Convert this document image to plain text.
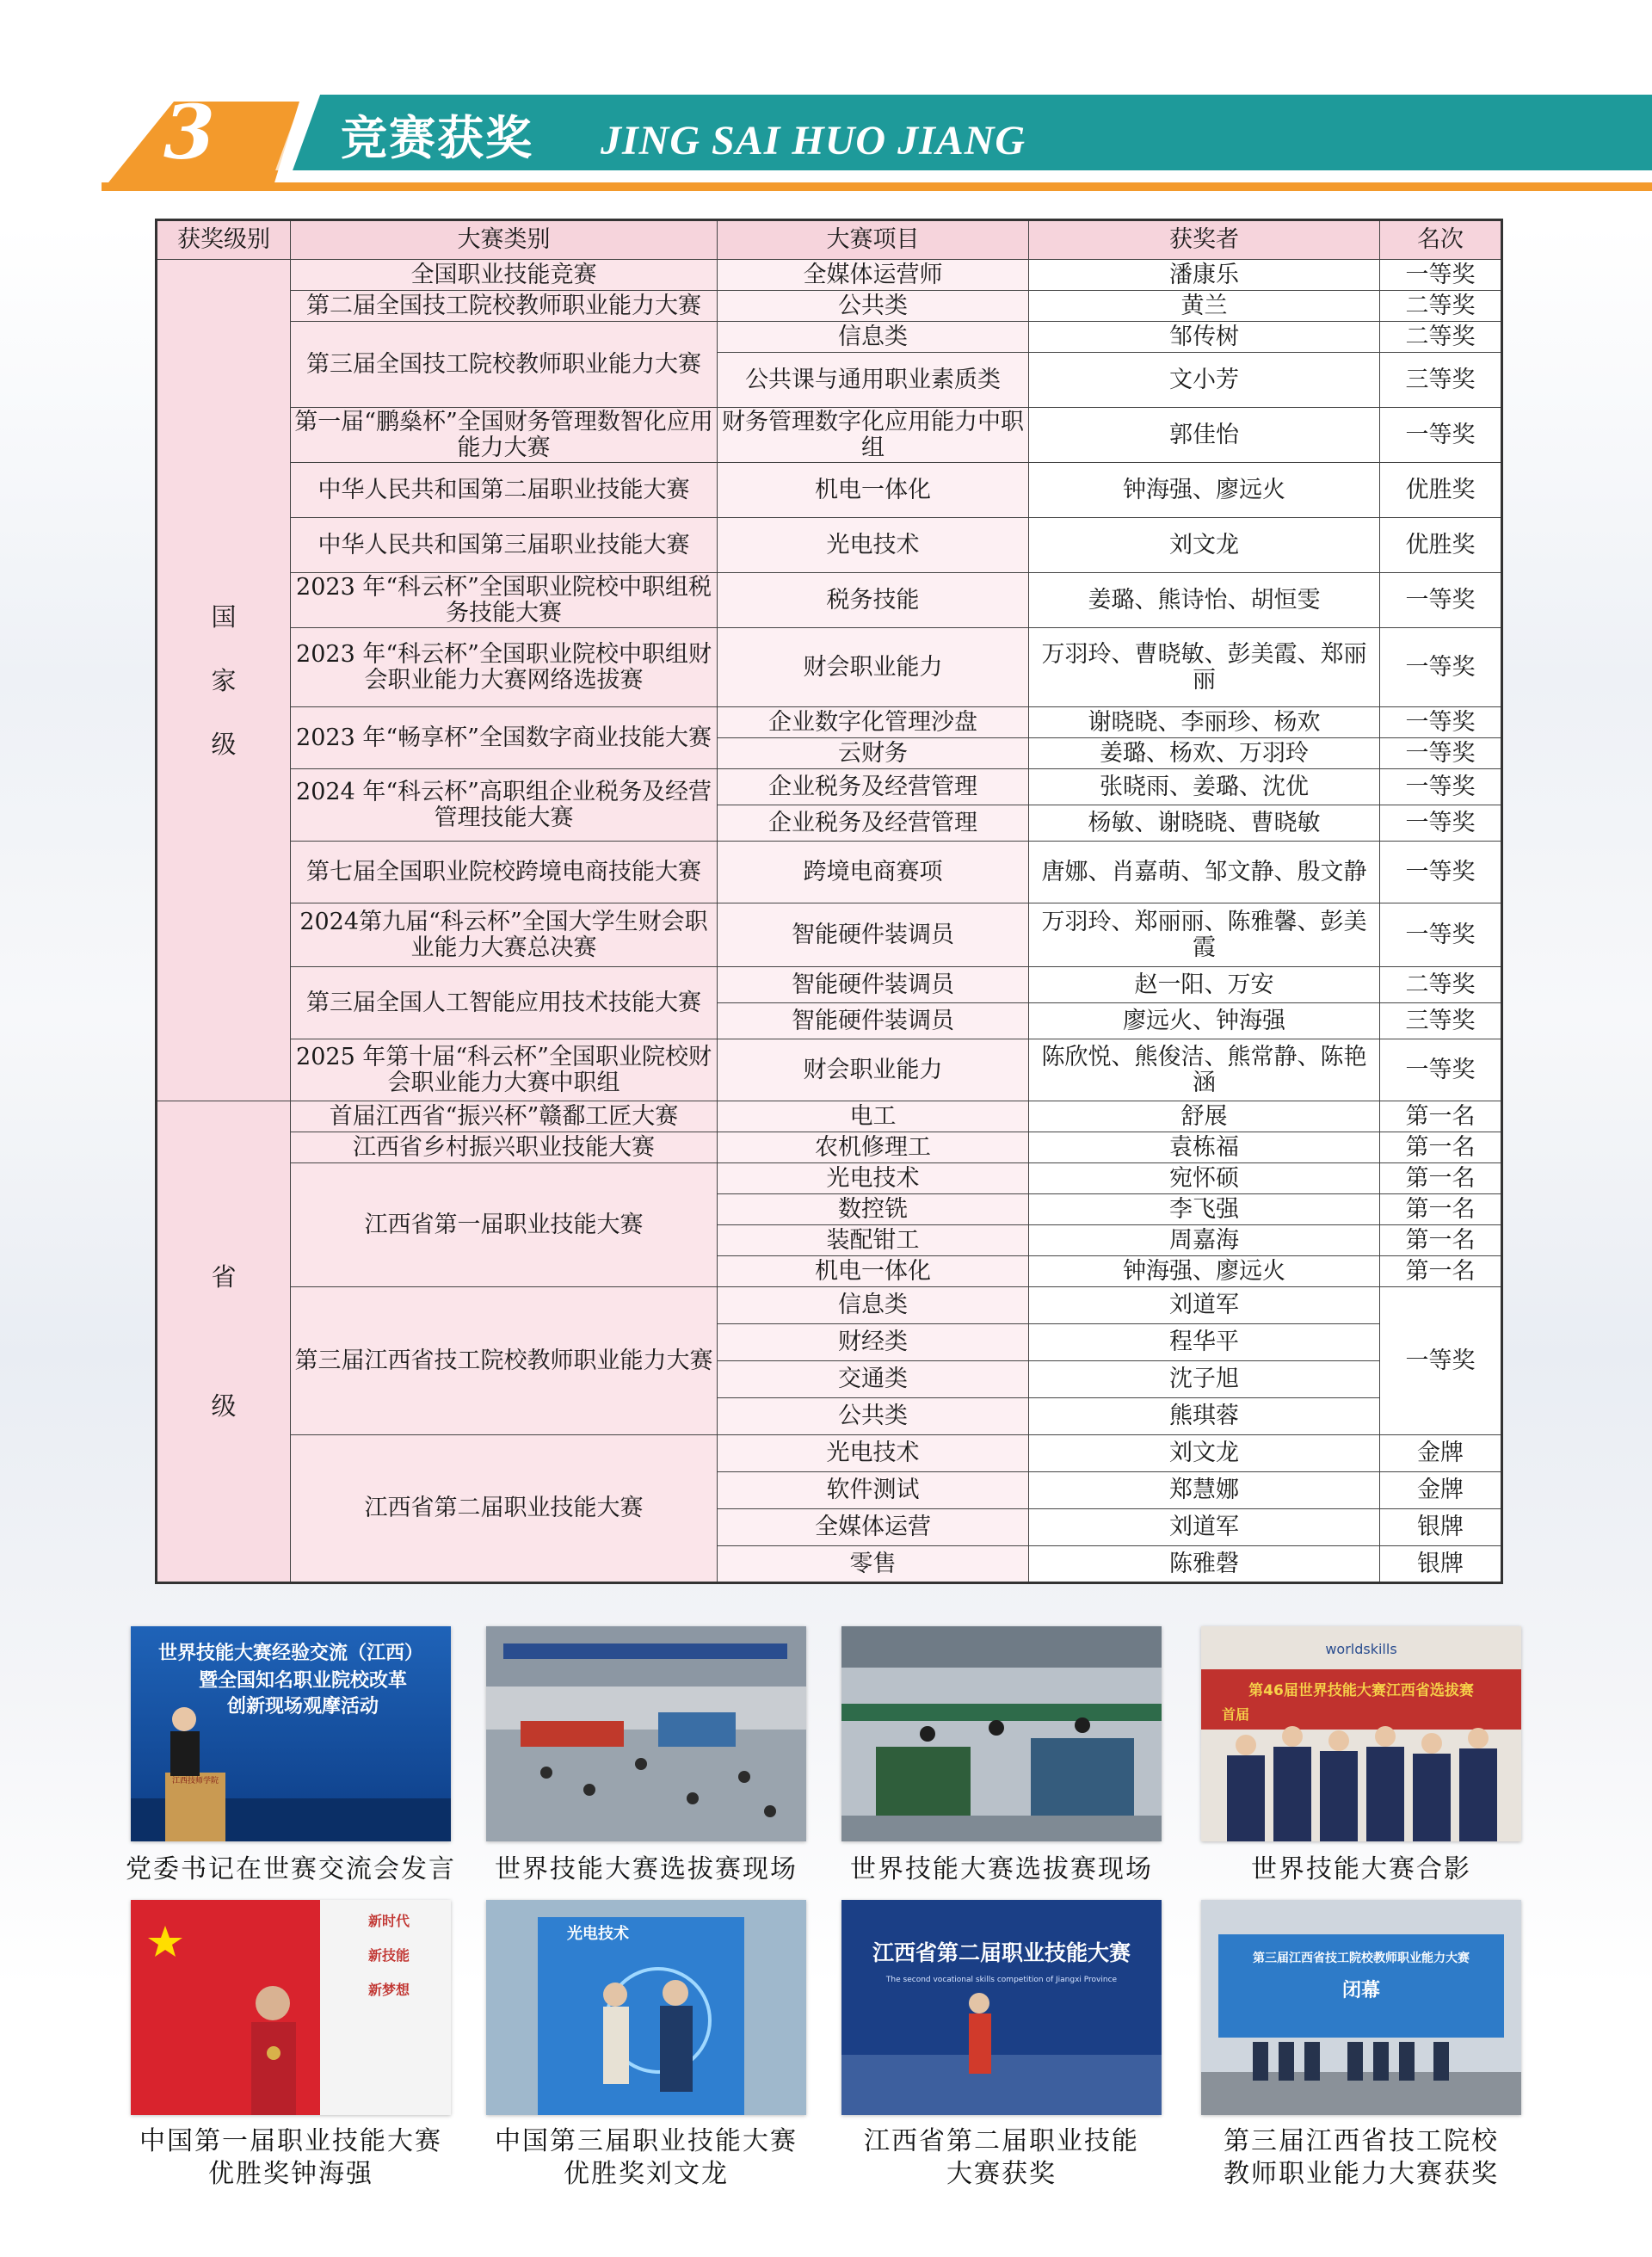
3	竞赛获奖 JING SAI HUO JIANG
获奖级别	大赛类别	大赛项目	获奖者	名次

国
家
级	全国职业技能竞赛	全媒体运营师	潘康乐	一等奖
	第二届全国技工院校教师职业能力大赛	公共类	黄兰	二等奖
	第三届全国技工院校教师职业能力大赛	信息类	邹传树	二等奖
		公共课与通用职业素质类	文小芳	三等奖
	第一届“鹏燊杯”全国财务管理数智化应用能力大赛	财务管理数字化应用能力中职组	郭佳怡	一等奖
	中华人民共和国第二届职业技能大赛	机电一体化	钟海强、廖远火	优胜奖
	中华人民共和国第三届职业技能大赛	光电技术	刘文龙	优胜奖
	2023 年“科云杯”全国职业院校中职组税务技能大赛	税务技能	姜璐、熊诗怡、胡恒雯	一等奖
	2023 年“科云杯”全国职业院校中职组财会职业能力大赛网络选拔赛	财会职业能力	万羽玲、曹晓敏、彭美霞、郑丽丽	一等奖
	2023 年“畅享杯”全国数字商业技能大赛	企业数字化管理沙盘	谢晓晓、李丽珍、杨欢	一等奖
		云财务	姜璐、杨欢、万羽玲	一等奖
	2024 年“科云杯”高职组企业税务及经营管理技能大赛	企业税务及经营管理	张晓雨、姜璐、沈优	一等奖
		企业税务及经营管理	杨敏、谢晓晓、曹晓敏	一等奖
	第七届全国职业院校跨境电商技能大赛	跨境电商赛项	唐娜、肖嘉萌、邹文静、殷文静	一等奖
	2024第九届“科云杯”全国大学生财会职业能力大赛总决赛	智能硬件装调员	万羽玲、郑丽丽、陈雅馨、彭美霞	一等奖
	第三届全国人工智能应用技术技能大赛	智能硬件装调员	赵一阳、万安	二等奖
		智能硬件装调员	廖远火、钟海强	三等奖
	2025 年第十届“科云杯”全国职业院校财会职业能力大赛中职组	财会职业能力	陈欣悦、熊俊洁、熊常静、陈艳涵	一等奖

省
级	首届江西省“振兴杯”赣鄱工匠大赛	电工	舒展	第一名
	江西省乡村振兴职业技能大赛	农机修理工	袁栋福	第一名
	江西省第一届职业技能大赛	光电技术	宛怀硕	第一名
		数控铣	李飞强	第一名
		装配钳工	周嘉海	第一名
		机电一体化	钟海强、廖远火	第一名
	第三届江西省技工院校教师职业能力大赛	信息类	刘道军	一等奖
		财经类	程华平	
		交通类	沈子旭	
		公共类	熊琪蓉	
	江西省第二届职业技能大赛	光电技术	刘文龙	金牌
		软件测试	郑慧娜	金牌
		全媒体运营	刘道军	银牌
		零售	陈雅磬	银牌
世界技能大赛经验交流（江西）
暨全国知名职业院校改革
创新现场观摩活动
江西技师学院
党委书记在世赛交流会发言	世界技能大赛选拔赛现场	世界技能大赛选拔赛现场
worldskills
第46届世界技能大赛江西省选拔赛
首届
世界技能大赛合影
新时代
新技能
新梦想
中国第一届职业技能大赛
优胜奖钟海强
光电技术
中国第三届职业技能大赛
优胜奖刘文龙
江西省第二届职业技能大赛
The second vocational skills competition of Jiangxi Province
江西省第二届职业技能
大赛获奖
第三届江西省技工院校教师职业能力大赛
闭幕
第三届江西省技工院校
教师职业能力大赛获奖
